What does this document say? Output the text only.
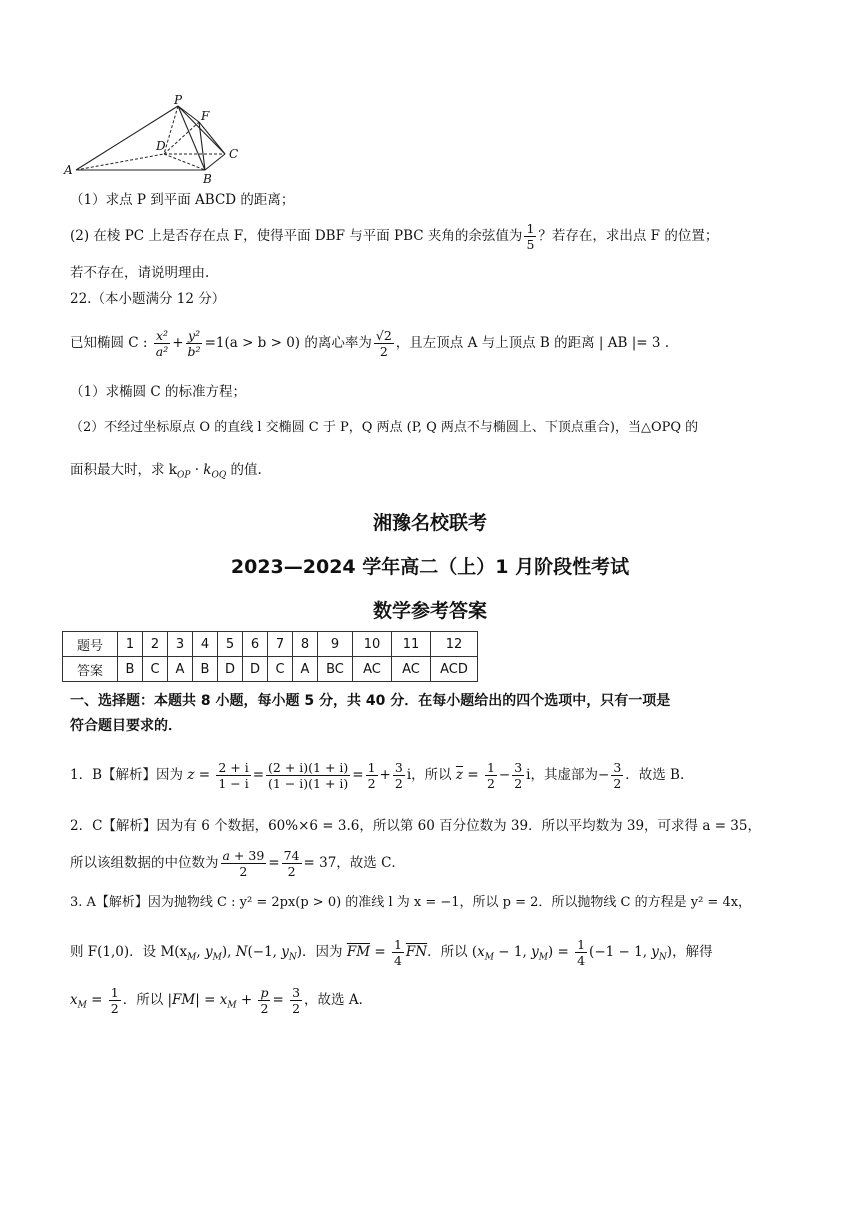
P
F
D
C
A
B
（1）求点 P 到平面 ABCD 的距离；
(2) 在棱 PC 上是否存在点 F，使得平面 DBF 与平面 PBC 夹角的余弦值为 $\frac{1}{5}$ ？若存在，求出点 F 的位置；
若不存在，请说明理由.
22.（本小题满分 12 分）
已知椭圆 C : $\frac{\text{x²}}{\text{a²}} + \frac{\text{y²}}{\text{b²}} =1(a > b > 0)$ 的离心率为 $\frac{√2}{2}$ ，且左顶点 A 与上顶点 B 的距离 | AB |= 3 .
（1）求椭圆 C 的标准方程；
（2）不经过坐标原点 O 的直线 l 交椭圆 C 于 P，Q 两点 (P, Q 两点不与椭圆上、下顶点重合)，当△OPQ 的
面积最大时，求 $k_{OP} \cdot k_{OQ}$ 的值.
湘豫名校联考
2023—2024 学年高二（上）1 月阶段性考试
数学参考答案
题号	1	2	3	4	5	6	7	8	9	10	11	12
答案	B	C	A	B	D	D	C	A	BC	AC	AC	ACD
一、选择题：本题共 8 小题，每小题 5 分，共 40 分．在每小题给出的四个选项中，只有一项是
符合题目要求的．
1．B【解析】因为 $z = \frac{2 + i}{1 - i} = \frac{(2 + i)(1 + i)}{(1 - i)(1 + i)} = \frac{1}{2} + \frac{3}{2}$ i，所以 $\overline{z} = \frac{1}{2} - \frac{3}{2}$ i，其虚部为− $\frac{3}{2}$ ．故选 B.
2．C【解析】因为有 6 个数据，60%×6 = 3.6，所以第 60 百分位数为 39．所以平均数为 39，可求得 a = 35，
所以该组数据的中位数为 $\frac{a + 39}{2} = \frac{74}{2} = 37$，故选 C．
3. A【解析】因为抛物线 C : y² = 2px(p > 0) 的准线 l 为 x = −1，所以 p = 2．所以抛物线 C 的方程是 y² = 4x，
则 F(1,0)．设 $M(x_M$, $y_M$), N(−1, $y_N$)．因为 $\overline{FM} = \frac{1}{4} \overline{FN}$．所以 ($x_M - 1$, $y_M) = \frac{1}{4} (-1 - 1$, $y_N$)，解得
$x_M = \frac{1}{2}$ ．所以 $|FM| = x_M + \frac{p}{2} = \frac{3}{2}$ ，故选 A．
